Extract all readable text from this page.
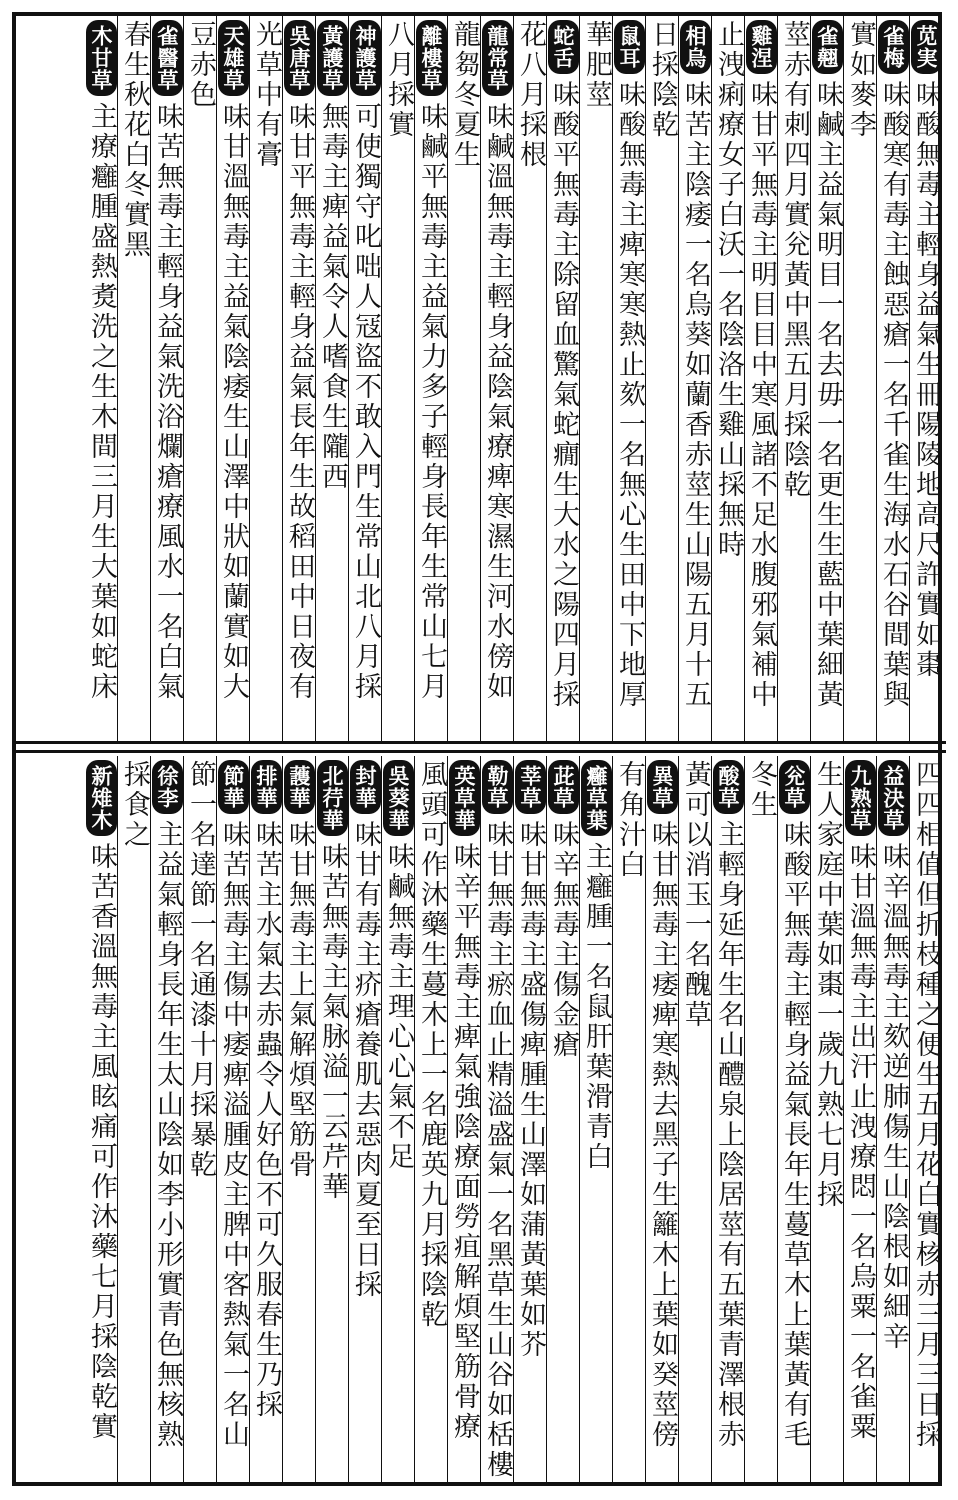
苋実味酸無毒主輕身益氣生冊陽陵地高尺許實如棗
雀梅味酸寒有毒主蝕惡瘡一名千雀生海水石谷間葉與
實如麥李
雀翹味鹹主益氣明目一名去毋一名更生生藍中葉細黃
莖赤有刺四月實兊黃中黑五月採陰乾
雞涅味甘平無毒主明目目中寒風諸不足水腹邪氣補中
止洩痢療女子白沃一名陰洛生雞山採無時
相烏味苦主陰痿一名烏葵如蘭香赤莖生山陽五月十五
日採陰乾
鼠耳味酸無毒主痺寒寒熱止欬一名無心生田中下地厚
華肥莖
蛇舌味酸平無毒主除留血驚氣蛇癇生大水之陽四月採
花八月採根
龍常草味鹹溫無毒主輕身益陰氣療痺寒濕生河水傍如
龍芻冬夏生
離樓草味鹹平無毒主益氣力多子輕身長年生常山七月
八月採實
神護草可使獨守叱咄人冦盜不敢入門生常山北八月採
黃護草無毒主痺益氣令人嗜食生隴西
吳唐草味甘平無毒主輕身益氣長年生故稻田中日夜有
光草中有膏
天雄草味甘溫無毒主益氣陰痿生山澤中狀如蘭實如大
豆赤色
雀醫草味苦無毒主輕身益氣洗浴爛瘡療風水一名白氣
春生秋花白冬實黑
木甘草主療癰腫盛熱煑洗之生木間三月生大葉如蛇床
四四相值但折枝種之便生五月花白實核赤三月三日採
益決草味辛溫無毒主欬逆肺傷生山陰根如細辛
九熟草味甘溫無毒主出汗止洩療悶一名烏粟一名雀粟
生人家庭中葉如棗一歲九熟七月採
兊草味酸平無毒主輕身益氣長年生蔓草木上葉黃有毛
冬生
酸草主輕身延年生名山醴泉上陰居莖有五葉青澤根赤
黃可以消玉一名醜草
異草味甘無毒主痿痺寒熱去黑子生籬木上葉如癸莖傍
有角汁白
癰草葉主癰腫一名鼠肝葉滑青白
茈草味辛無毒主傷金瘡
莘草味甘無毒主盛傷痺腫生山澤如蒲黃葉如芥
勒草味甘無毒主瘀血止精溢盛氣一名黑草生山谷如栝樓
英草華味辛平無毒主痺氣強陰療面勞疽解煩堅筋骨療
風頭可作沐藥生蔓木上一名鹿英九月採陰乾
吳葵華味鹹無毒主理心心氣不足
封華味甘有毒主疥瘡養肌去惡肉夏至日採
北荇華味苦無毒主氣脉溢一云芹華
䕶華味甘無毒主上氣解煩堅筋骨
排華味苦主水氣去赤蟲令人好色不可久服春生乃採
節華味苦無毒主傷中痿痺溢腫皮主脾中客熱氣一名山
節一名達節一名通漆十月採暴乾
徐李主益氣輕身長年生太山陰如李小形實青色無核熟
採食之
新雉木味苦香溫無毒主風眩痛可作沐藥七月採陰乾實
